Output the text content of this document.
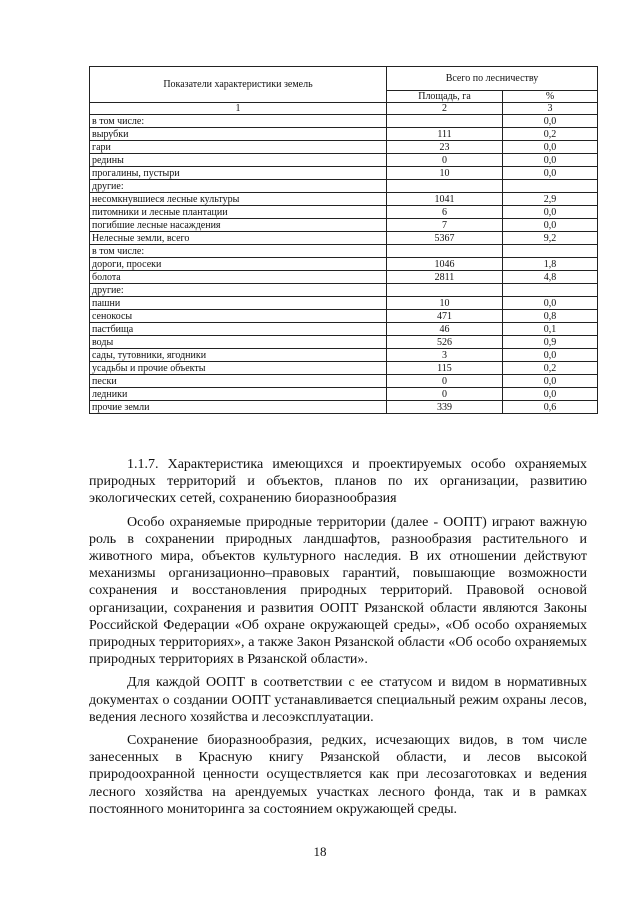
Показатели характеристики земель	Всего по лесничеству	
	Площадь, га	%
1	2	3
в том числе:		0,0
вырубки	111	0,2
гари	23	0,0
редины	0	0,0
прогалины, пустыри	10	0,0
другие:		
несомкнувшиеся лесные культуры	1041	2,9
питомники и лесные плантации	6	0,0
погибшие лесные насаждения	7	0,0
Нелесные земли, всего	5367	9,2
в том числе:		
дороги, просеки	1046	1,8
болота	2811	4,8
другие:		
пашни	10	0,0
сенокосы	471	0,8
пастбища	46	0,1
воды	526	0,9
сады, тутовники, ягодники	3	0,0
усадьбы и прочие объекты	115	0,2
пески	0	0,0
ледники	0	0,0
прочие земли	339	0,6

1.1.7. Характеристика имеющихся и проектируемых особо охраняемых природных территорий и объектов, планов по их организации, развитию экологических сетей, сохранению биоразнообразия

Особо охраняемые природные территории (далее - ООПТ) играют важную роль в сохранении природных ландшафтов, разнообразия растительного и животного мира, объектов культурного наследия. В их отношении действуют механизмы организационно–правовых гарантий, повышающие возможности сохранения и восстановления природных территорий. Правовой основой организации, сохранения и развития ООПТ Рязанской области являются Законы Российской Федерации «Об охране окружающей среды», «Об особо охраняемых природных территориях», а также Закон Рязанской области «Об особо охраняемых природных территориях в Рязанской области».

Для каждой ООПТ в соответствии с ее статусом и видом в нормативных документах о создании ООПТ устанавливается специальный режим охраны лесов, ведения лесного хозяйства и лесоэксплуатации.

Сохранение биоразнообразия, редких, исчезающих видов, в том числе занесенных в Красную книгу Рязанской области, и лесов высокой природоохранной ценности осуществляется как при лесозаготовках и ведения лесного хозяйства на арендуемых участках лесного фонда, так и в рамках постоянного мониторинга за состоянием окружающей среды.

18
